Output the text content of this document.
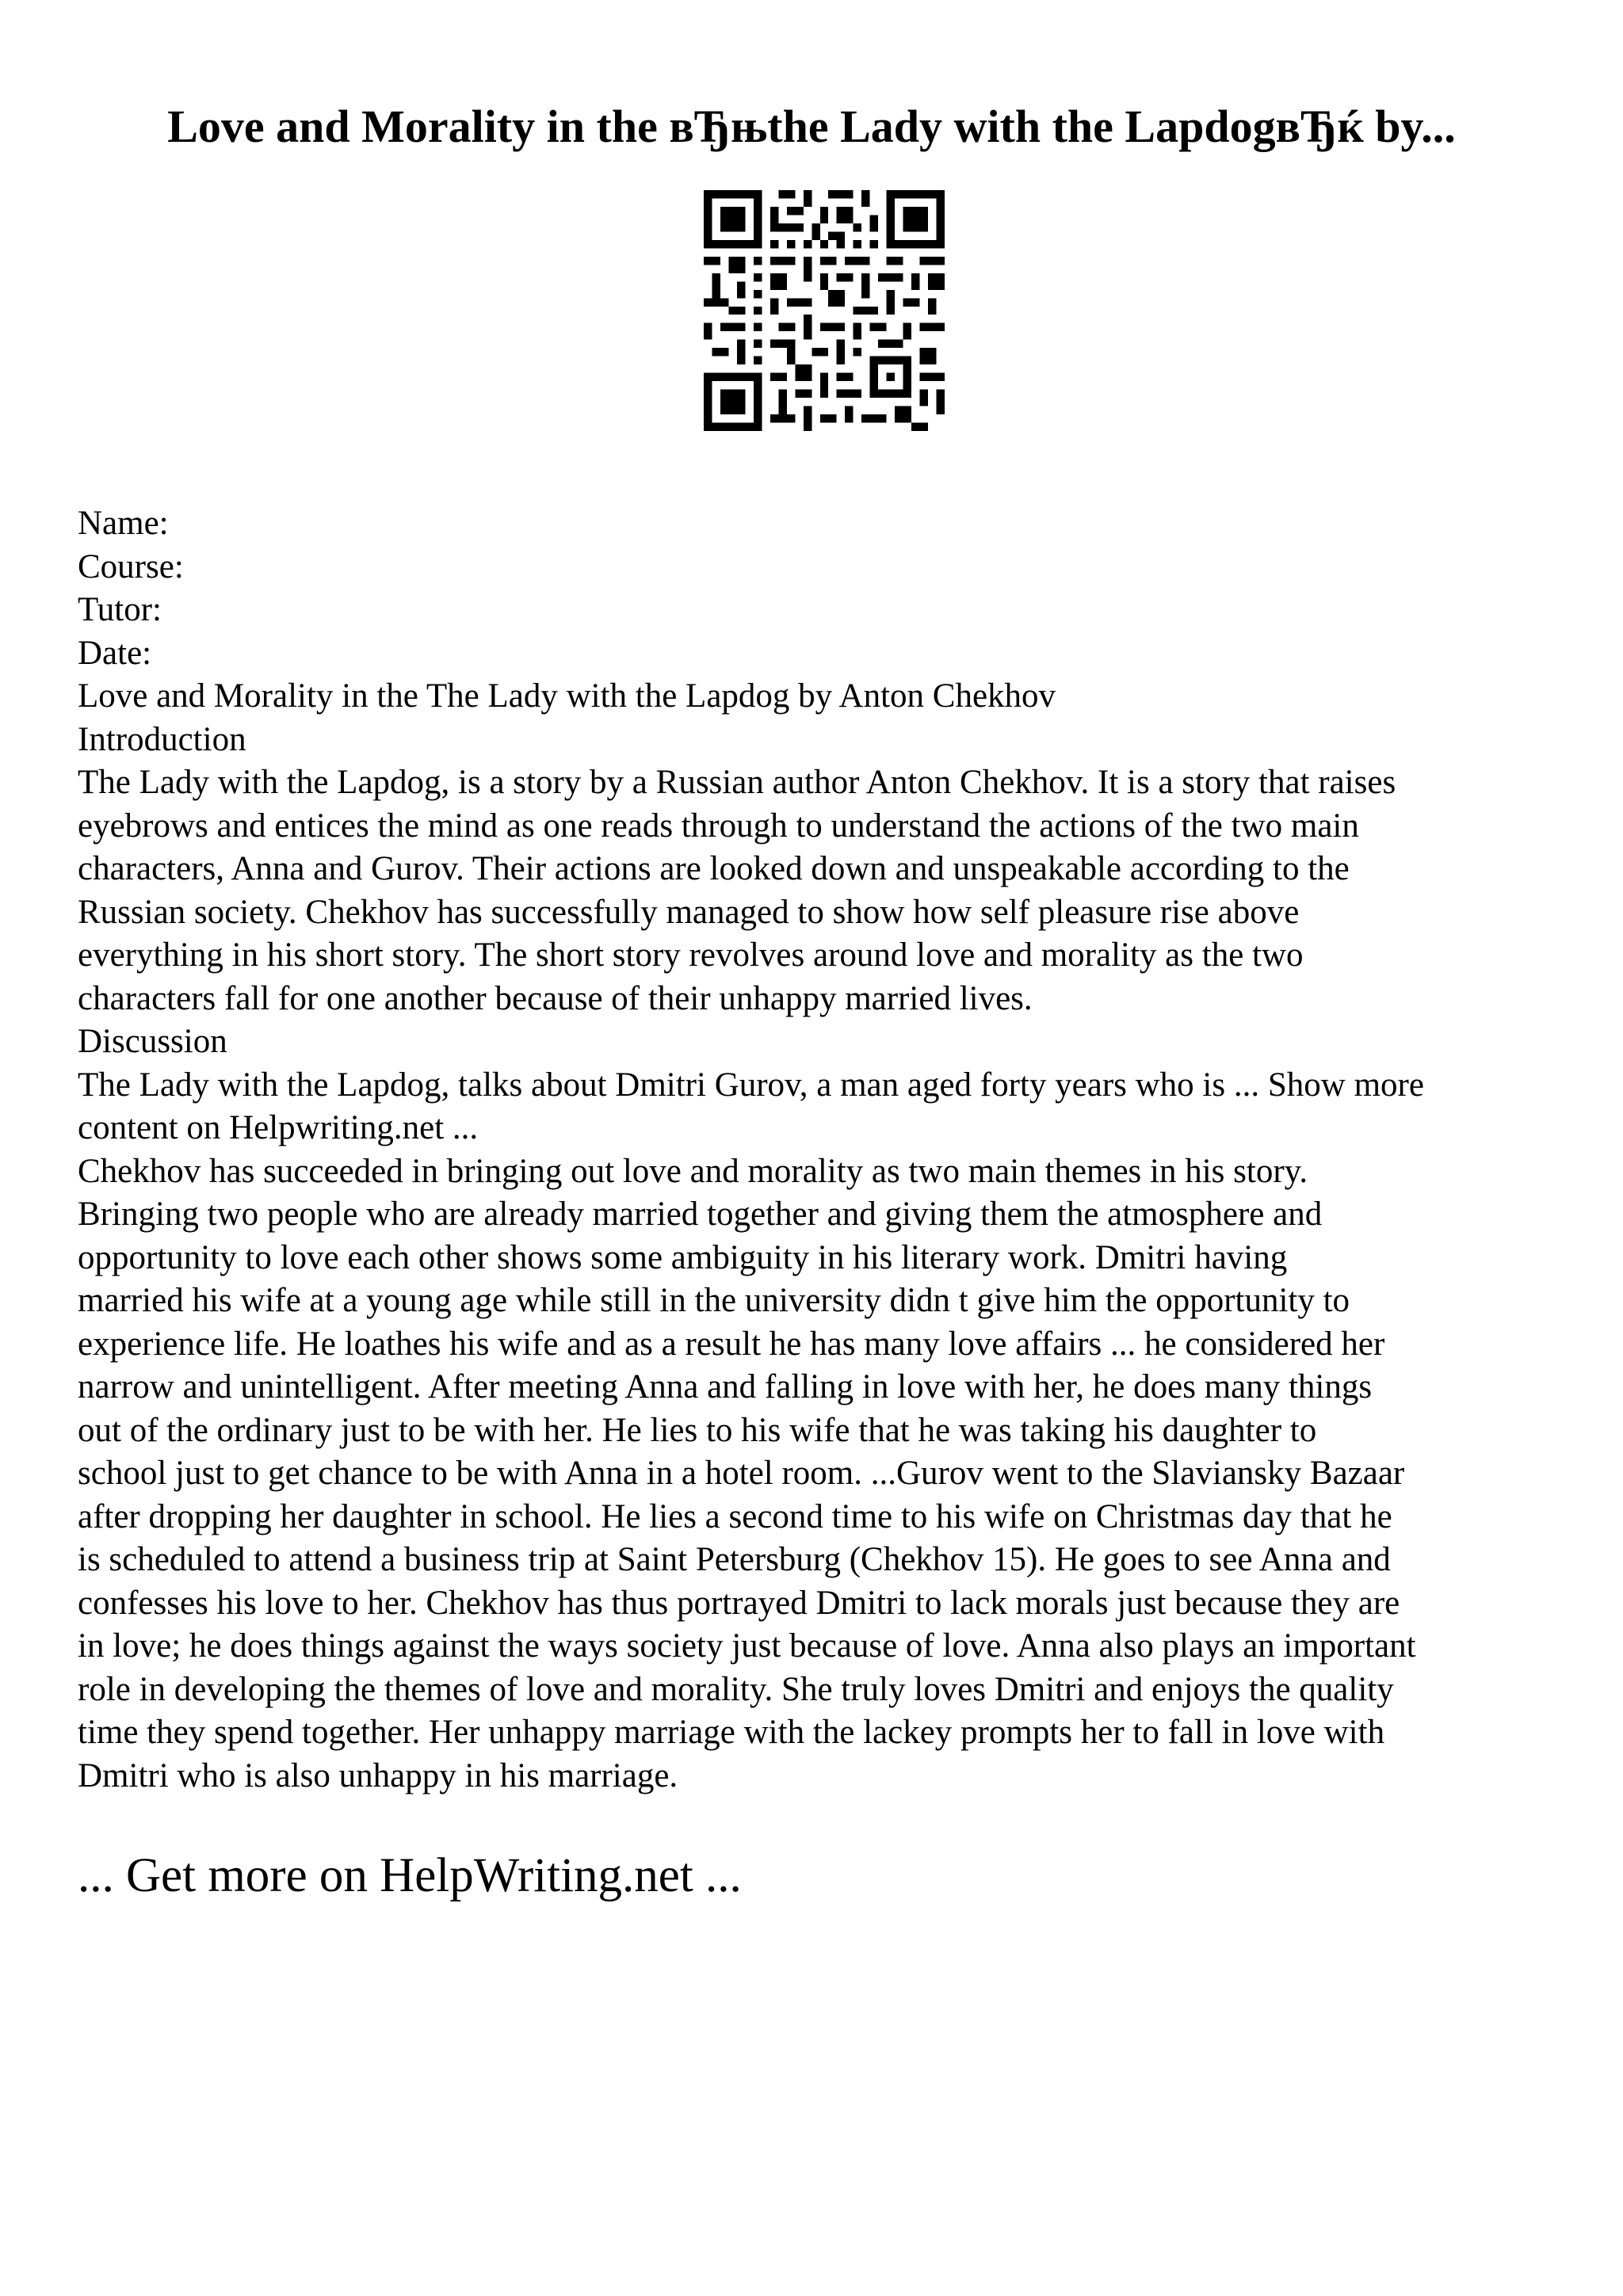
Love and Morality in the вЂњthe Lady with the LapdogвЂќ by...
Name:
Course:
Tutor:
Date:
Love and Morality in the The Lady with the Lapdog by Anton Chekhov
Introduction
The Lady with the Lapdog, is a story by a Russian author Anton Chekhov. It is a story that raises
eyebrows and entices the mind as one reads through to understand the actions of the two main
characters, Anna and Gurov. Their actions are looked down and unspeakable according to the
Russian society. Chekhov has successfully managed to show how self pleasure rise above
everything in his short story. The short story revolves around love and morality as the two
characters fall for one another because of their unhappy married lives.
Discussion
The Lady with the Lapdog, talks about Dmitri Gurov, a man aged forty years who is ... Show more
content on Helpwriting.net ...
Chekhov has succeeded in bringing out love and morality as two main themes in his story.
Bringing two people who are already married together and giving them the atmosphere and
opportunity to love each other shows some ambiguity in his literary work. Dmitri having
married his wife at a young age while still in the university didn t give him the opportunity to
experience life. He loathes his wife and as a result he has many love affairs ... he considered her
narrow and unintelligent. After meeting Anna and falling in love with her, he does many things
out of the ordinary just to be with her. He lies to his wife that he was taking his daughter to
school just to get chance to be with Anna in a hotel room. ...Gurov went to the Slaviansky Bazaar
after dropping her daughter in school. He lies a second time to his wife on Christmas day that he
is scheduled to attend a business trip at Saint Petersburg (Chekhov 15). He goes to see Anna and
confesses his love to her. Chekhov has thus portrayed Dmitri to lack morals just because they are
in love; he does things against the ways society just because of love. Anna also plays an important
role in developing the themes of love and morality. She truly loves Dmitri and enjoys the quality
time they spend together. Her unhappy marriage with the lackey prompts her to fall in love with
Dmitri who is also unhappy in his marriage.
... Get more on HelpWriting.net ...
